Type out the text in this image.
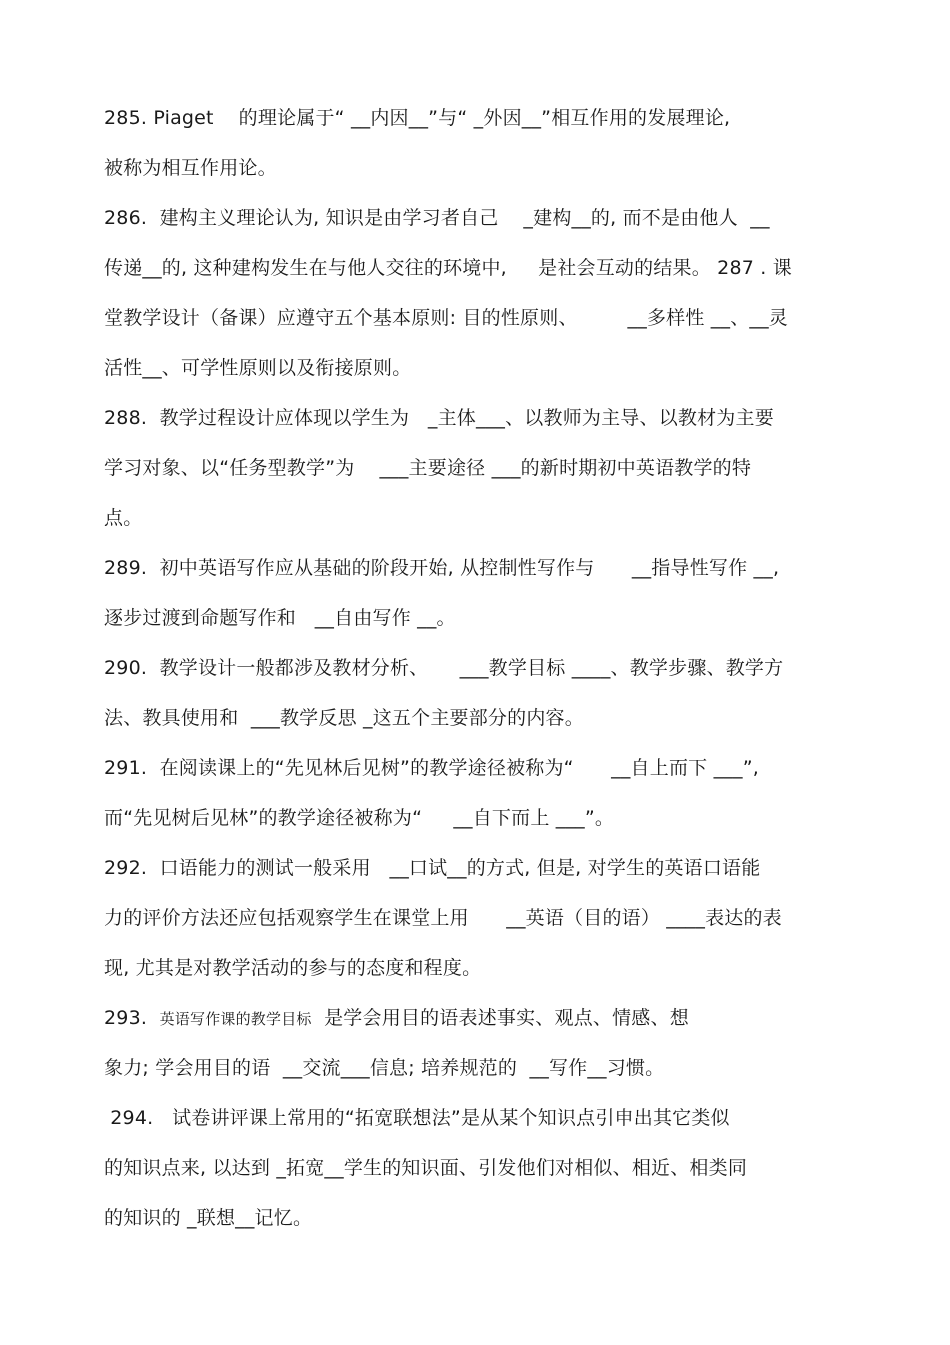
285. Piaget    的理论属于“ __内因__”与“ _外因__”相互作用的发展理论,
被称为相互作用论。
286.  建构主义理论认为, 知识是由学习者自己    _建构__的, 而不是由他人  __
传递__的, 这种建构发生在与他人交往的环境中,     是社会互动的结果。 287 . 课
堂教学设计（备课）应遵守五个基本原则: 目的性原则、        __多样性 __、__灵
活性__、可学性原则以及衔接原则。
288.  教学过程设计应体现以学生为   _主体___、以教师为主导、以教材为主要
学习对象、以“任务型教学”为    ___主要途径 ___的新时期初中英语教学的特
点。
289.  初中英语写作应从基础的阶段开始, 从控制性写作与      __指导性写作 __,
逐步过渡到命题写作和   __自由写作 __。
290.  教学设计一般都涉及教材分析、     ___教学目标 ____、教学步骤、教学方
法、教具使用和  ___教学反思 _这五个主要部分的内容。
291.  在阅读课上的“先见林后见树”的教学途径被称为“      __自上而下 ___”,
而“先见树后见林”的教学途径被称为“     __自下而上 ___”。
292.  口语能力的测试一般采用   __口试__的方式, 但是, 对学生的英语口语能
力的评价方法还应包括观察学生在课堂上用      __英语（目的语） ____表达的表
现, 尤其是对教学活动的参与的态度和程度。
293.  英语写作课的教学目标  是学会用目的语表述事实、观点、情感、想
象力; 学会用目的语  __交流___信息; 培养规范的  __写作__习惯。
294.   试卷讲评课上常用的“拓宽联想法”是从某个知识点引申出其它类似
的知识点来, 以达到 _拓宽__学生的知识面、引发他们对相似、相近、相类同
的知识的 _联想__记忆。
